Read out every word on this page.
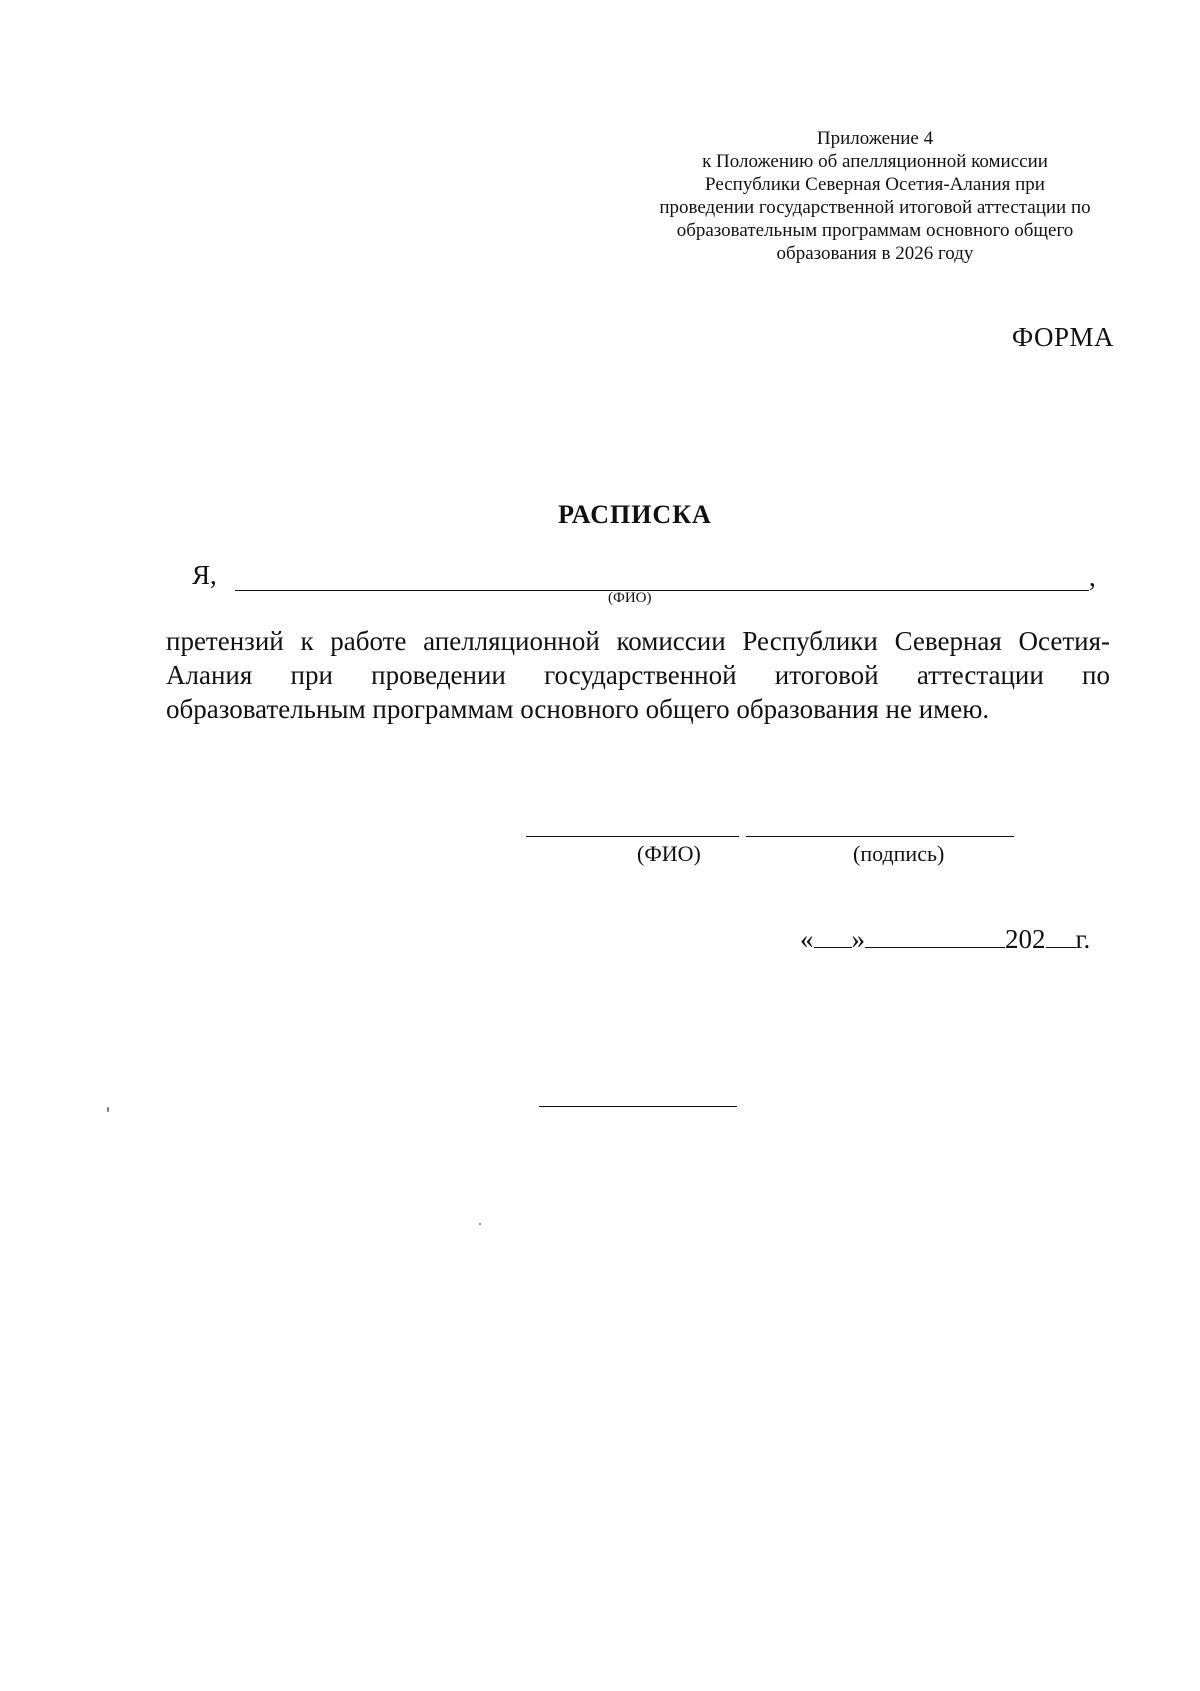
Приложение 4
к Положению об апелляционной комиссии
Республики Северная Осетия-Алания при
проведении государственной итоговой аттестации по
образовательным программам основного общего
образования в 2026 году
ФОРМА
РАСПИСКА
Я,	,
(ФИО)
претензий к работе апелляционной комиссии Республики Северная Осетия-Алания при проведении государственной итоговой аттестации по образовательным программам основного общего образования не имею.
(ФИО)	(подпись)
« »	202 г.
